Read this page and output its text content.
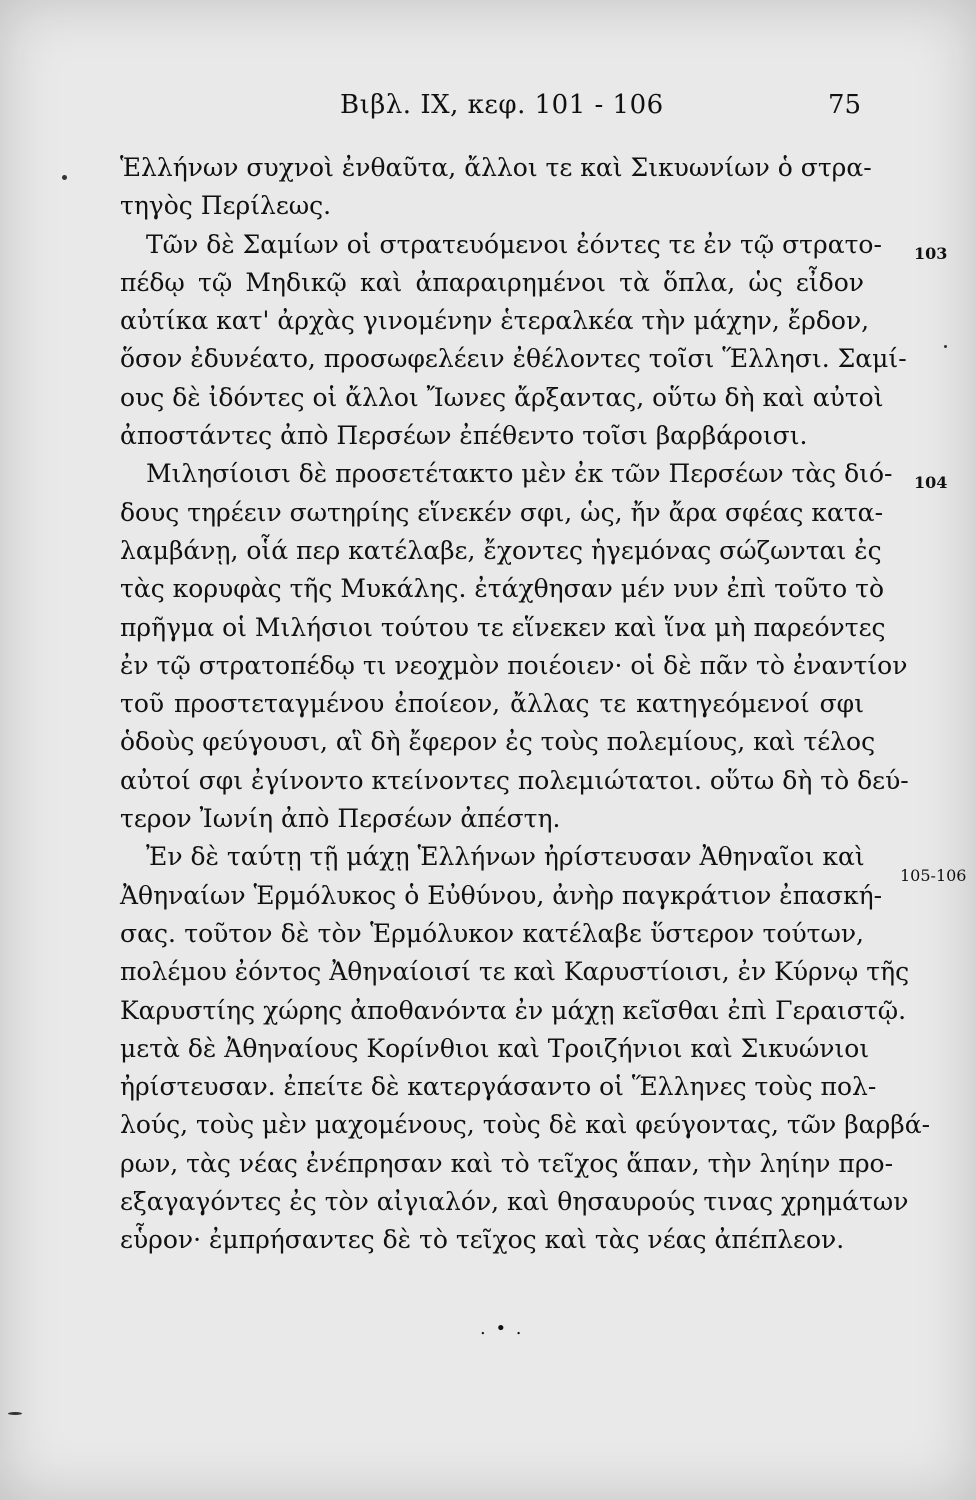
Βιβλ. IX, κεφ. 101 - 106	75
Ἑλλήνων συχνοὶ ἐνθαῦτα, ἄλλοι τε καὶ Σικυωνίων ὁ στρα-
τηγὸς Περίλεως.
Τῶν δὲ Σαμίων οἱ στρατευόμενοι ἐόντες τε ἐν τῷ στρατο-
πέδῳ τῷ Μηδικῷ καὶ ἀπαραιρημένοι τὰ ὅπλα, ὡς εἶδον
αὐτίκα κατ' ἀρχὰς γινομένην ἑτεραλκέα τὴν μάχην, ἔρδον,
ὅσον ἐδυνέατο, προσωφελέειν ἐθέλοντες τοῖσι Ἕλλησι. Σαμί-
ους δὲ ἰδόντες οἱ ἄλλοι Ἴωνες ἄρξαντας, οὕτω δὴ καὶ αὐτοὶ
ἀποστάντες ἀπὸ Περσέων ἐπέθεντο τοῖσι βαρβάροισι.
Μιλησίοισι δὲ προσετέτακτο μὲν ἐκ τῶν Περσέων τὰς διό-
δους τηρέειν σωτηρίης εἵνεκέν σφι, ὡς, ἤν ἄρα σφέας κατα-
λαμβάνῃ, οἷά περ κατέλαβε, ἔχοντες ἡγεμόνας σώζωνται ἐς
τὰς κορυφὰς τῆς Μυκάλης. ἐτάχθησαν μέν νυν ἐπὶ τοῦτο τὸ
πρῆγμα οἱ Μιλήσιοι τούτου τε εἵνεκεν καὶ ἵνα μὴ παρεόντες
ἐν τῷ στρατοπέδῳ τι νεοχμὸν ποιέοιεν· οἱ δὲ πᾶν τὸ ἐναντίον
τοῦ προστεταγμένου ἐποίεον, ἄλλας τε κατηγεόμενοί σφι
ὁδοὺς φεύγουσι, αἳ δὴ ἔφερον ἐς τοὺς πολεμίους, καὶ τέλος
αὐτοί σφι ἐγίνοντο κτείνοντες πολεμιώτατοι. οὕτω δὴ τὸ δεύ-
τερον Ἰωνίη ἀπὸ Περσέων ἀπέστη.
Ἐν δὲ ταύτῃ τῇ μάχῃ Ἑλλήνων ἠρίστευσαν Ἀθηναῖοι καὶ
Ἀθηναίων Ἑρμόλυκος ὁ Εὐθύνου, ἀνὴρ παγκράτιον ἐπασκή-
σας. τοῦτον δὲ τὸν Ἑρμόλυκον κατέλαβε ὕστερον τούτων,
πολέμου ἐόντος Ἀθηναίοισί τε καὶ Καρυστίοισι, ἐν Κύρνῳ τῆς
Καρυστίης χώρης ἀποθανόντα ἐν μάχῃ κεῖσθαι ἐπὶ Γεραιστῷ.
μετὰ δὲ Ἀθηναίους Κορίνθιοι καὶ Τροιζήνιοι καὶ Σικυώνιοι
ἠρίστευσαν. ἐπείτε δὲ κατεργάσαντο οἱ Ἕλληνες τοὺς πολ-
λούς, τοὺς μὲν μαχομένους, τοὺς δὲ καὶ φεύγοντας, τῶν βαρβά-
ρων, τὰς νέας ἐνέπρησαν καὶ τὸ τεῖχος ἅπαν, τὴν ληίην προ-
εξαγαγόντες ἐς τὸν αἰγιαλόν, καὶ θησαυρούς τινας χρημάτων
εὗρον· ἐμπρήσαντες δὲ τὸ τεῖχος καὶ τὰς νέας ἀπέπλεον.
103
104
105-106
. • .
